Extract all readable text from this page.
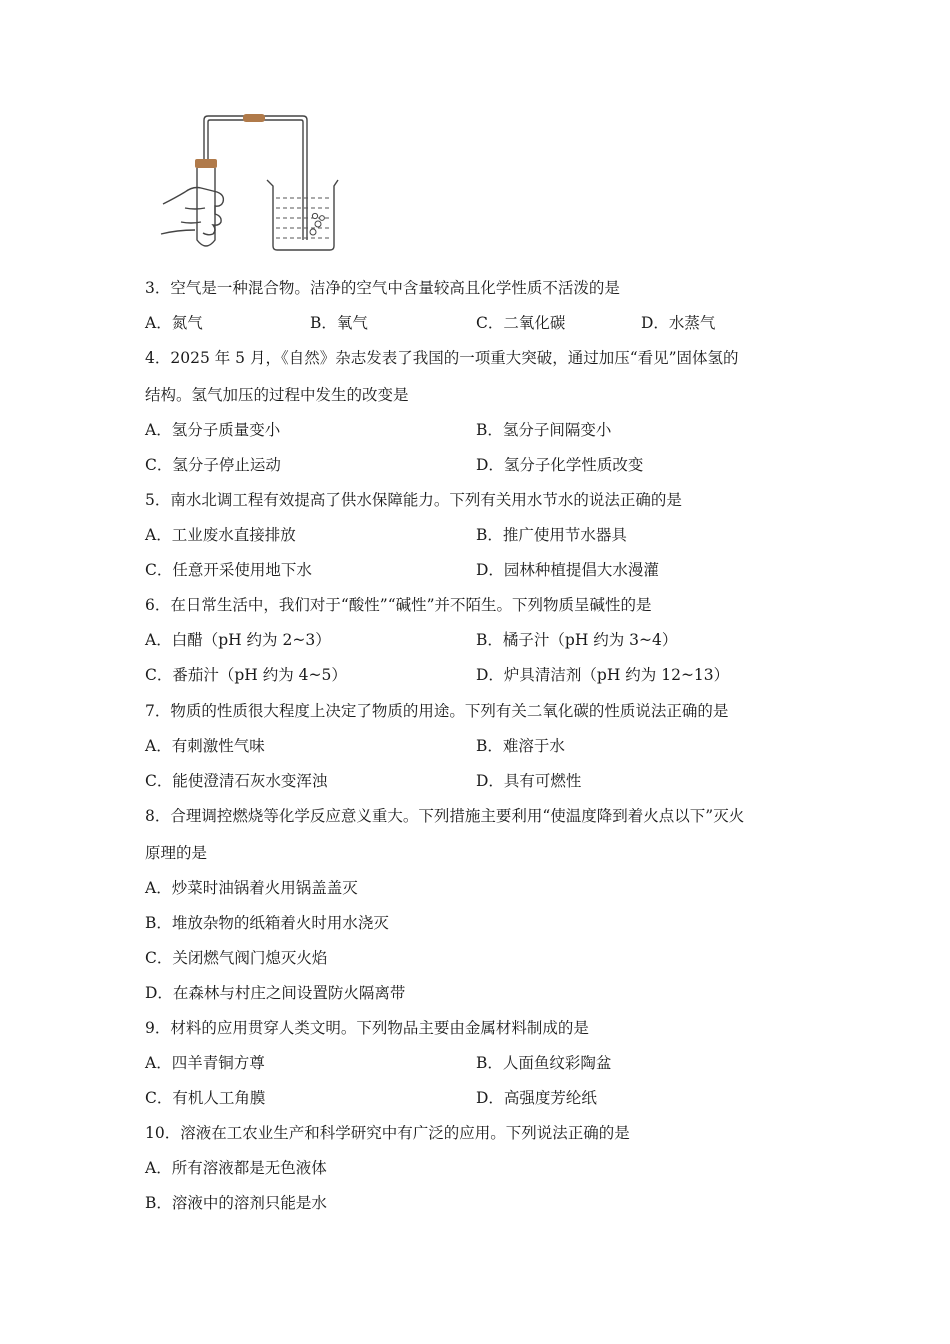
3．空气是一种混合物。洁净的空气中含量较高且化学性质不活泼的是
A．氮气	B．氧气	C．二氧化碳	D．水蒸气
4．2025 年 5 月，《自然》杂志发表了我国的一项重大突破，通过加压“看见”固体氢的
结构。氢气加压的过程中发生的改变是
A．氢分子质量变小	B．氢分子间隔变小
C．氢分子停止运动	D．氢分子化学性质改变
5．南水北调工程有效提高了供水保障能力。下列有关用水节水的说法正确的是
A．工业废水直接排放	B．推广使用节水器具
C．任意开采使用地下水	D．园林种植提倡大水漫灌
6．在日常生活中，我们对于“酸性”“碱性”并不陌生。下列物质呈碱性的是
A．白醋（pH 约为 2~3）	B．橘子汁（pH 约为 3~4）
C．番茄汁（pH 约为 4~5）	D．炉具清洁剂（pH 约为 12~13）
7．物质的性质很大程度上决定了物质的用途。下列有关二氧化碳的性质说法正确的是
A．有刺激性气味	B．难溶于水
C．能使澄清石灰水变浑浊	D．具有可燃性
8．合理调控燃烧等化学反应意义重大。下列措施主要利用“使温度降到着火点以下”灭火
原理的是
A．炒菜时油锅着火用锅盖盖灭
B．堆放杂物的纸箱着火时用水浇灭
C．关闭燃气阀门熄灭火焰
D．在森林与村庄之间设置防火隔离带
9．材料的应用贯穿人类文明。下列物品主要由金属材料制成的是
A．四羊青铜方尊	B．人面鱼纹彩陶盆
C．有机人工角膜	D．高强度芳纶纸
10．溶液在工农业生产和科学研究中有广泛的应用。下列说法正确的是
A．所有溶液都是无色液体
B．溶液中的溶剂只能是水
